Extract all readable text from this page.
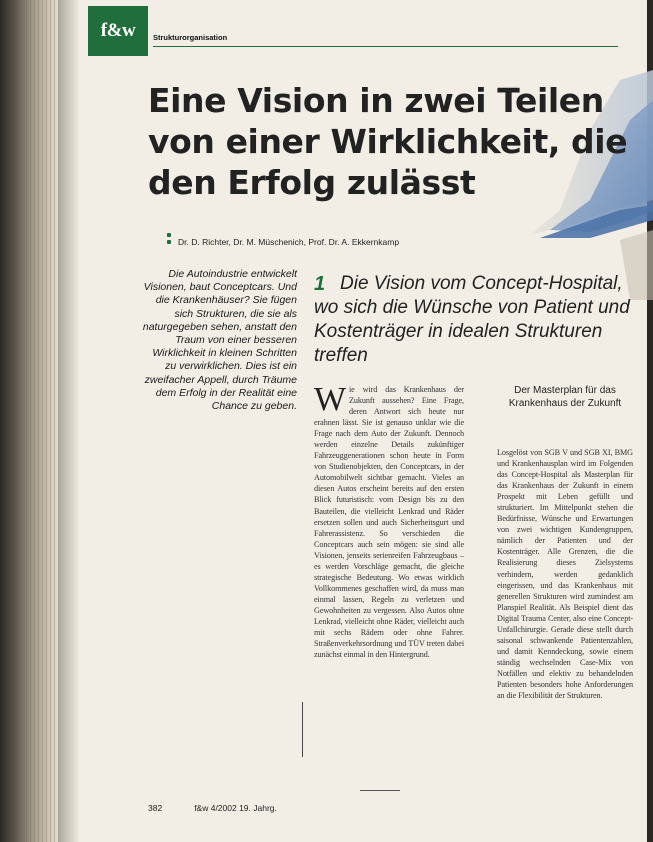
f&w Strukturorganisation
Eine Vision in zwei Teilen
von einer Wirklichkeit, die
den Erfolg zulässt
Dr. D. Richter, Dr. M. Müschenich, Prof. Dr. A. Ekkernkamp
Die Autoindustrie entwickelt Visionen, baut Conceptcars. Und die Krankenhäuser? Sie fügen sich Strukturen, die sie als naturgegeben sehen, anstatt den Traum von einer besseren Wirklichkeit in kleinen Schritten zu verwirklichen. Dies ist ein zweifacher Appell, durch Träume dem Erfolg in der Realität eine Chance zu geben.
1 Die Vision vom Concept-Hospital, wo sich die Wünsche von Patient und Kostenträger in idealen Strukturen treffen
Wie wird das Krankenhaus der Zukunft aussehen? Eine Frage, deren Antwort sich heute nur erahnen lässt. Sie ist genauso unklar wie die Frage nach dem Auto der Zukunft. Dennoch werden einzelne Details zukünftiger Fahrzeuggenerationen schon heute in Form von Studienobjekten, den Conceptcars, in der Automobilwelt sichtbar gemacht. Vieles an diesen Autos erscheint bereits auf den ersten Blick futuristisch: vom Design bis zu den Bauteilen, die vielleicht Lenkrad und Räder ersetzen sollen und auch Sicherheitsgurt und Fahrerassistenz. So verschieden die Conceptcars auch sein mögen: sie sind alle Visionen, jenseits serienreifen Fahrzeugbaus – es werden Vorschläge gemacht, die gleiche strategische Bedeutung. Wo etwas wirklich Vollkommenes geschaffen wird, da muss man einmal lassen, Regeln zu verletzen und Gewohnheiten zu vergessen. Also Autos ohne Lenkrad, vielleicht ohne Räder, vielleicht auch mit sechs Rädern oder ohne Fahrer. Straßenverkehrsordnung und TÜV treten dabei zunächst einmal in den Hintergrund.
Der Masterplan für das Krankenhaus der Zukunft
Losgelöst von SGB V und SGB XI, BMG und Krankenhausplan wird im Folgenden das Concept-Hospital als Masterplan für das Krankenhaus der Zukunft in einem Prospekt mit Leben gefüllt und strukturiert. Im Mittelpunkt stehen die Bedürfnisse, Wünsche und Erwartungen von zwei wichtigen Kundengruppen, nämlich der Patienten und der Kostenträger. Alle Grenzen, die die Realisierung dieses Zielsystems verhindern, werden gedanklich eingerissen, und das Krankenhaus mit generellen Strukturen wird zumindest am Planspiel Realität. Als Beispiel dient das Digital Trauma Center, also eine Concept-Unfallchirurgie. Gerade diese stellt durch saisonal schwankende Patientenzahlen, und damit Kenndeckung, sowie einem ständig wechselnden Case-Mix von Notfällen und elektiv zu behandelnden Patienten besonders hohe Anforderungen an die Flexibilität der Strukturen.
382	f&w 4/2002 19. Jahrg.
